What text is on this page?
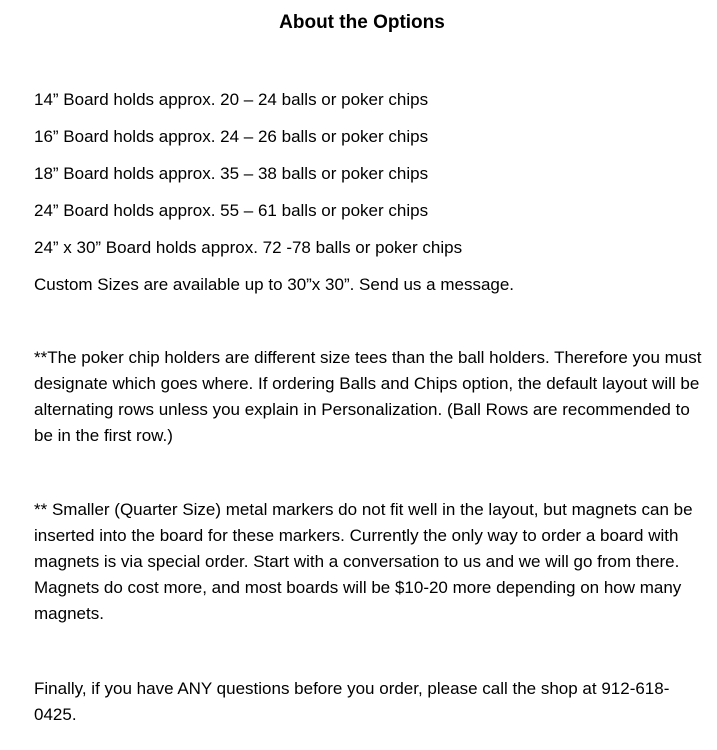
About the Options
14” Board holds approx. 20 – 24 balls or poker chips
16” Board holds approx. 24 – 26 balls or poker chips
18” Board holds approx. 35 – 38 balls or poker chips
24” Board holds approx. 55 – 61 balls or poker chips
24” x 30” Board holds approx. 72 -78 balls or poker chips
Custom Sizes are available up to 30”x 30”. Send us a message.
**The poker chip holders are different size tees than the ball holders. Therefore you must designate which goes where. If ordering Balls and Chips option, the default layout will be alternating rows unless you explain in Personalization. (Ball Rows are recommended to be in the first row.)
** Smaller (Quarter Size) metal markers do not fit well in the layout, but magnets can be inserted into the board for these markers. Currently the only way to order a board with magnets is via special order. Start with a conversation to us and we will go from there. Magnets do cost more, and most boards will be $10-20 more depending on how many magnets.
Finally, if you have ANY questions before you order, please call the shop at 912-618-0425.
